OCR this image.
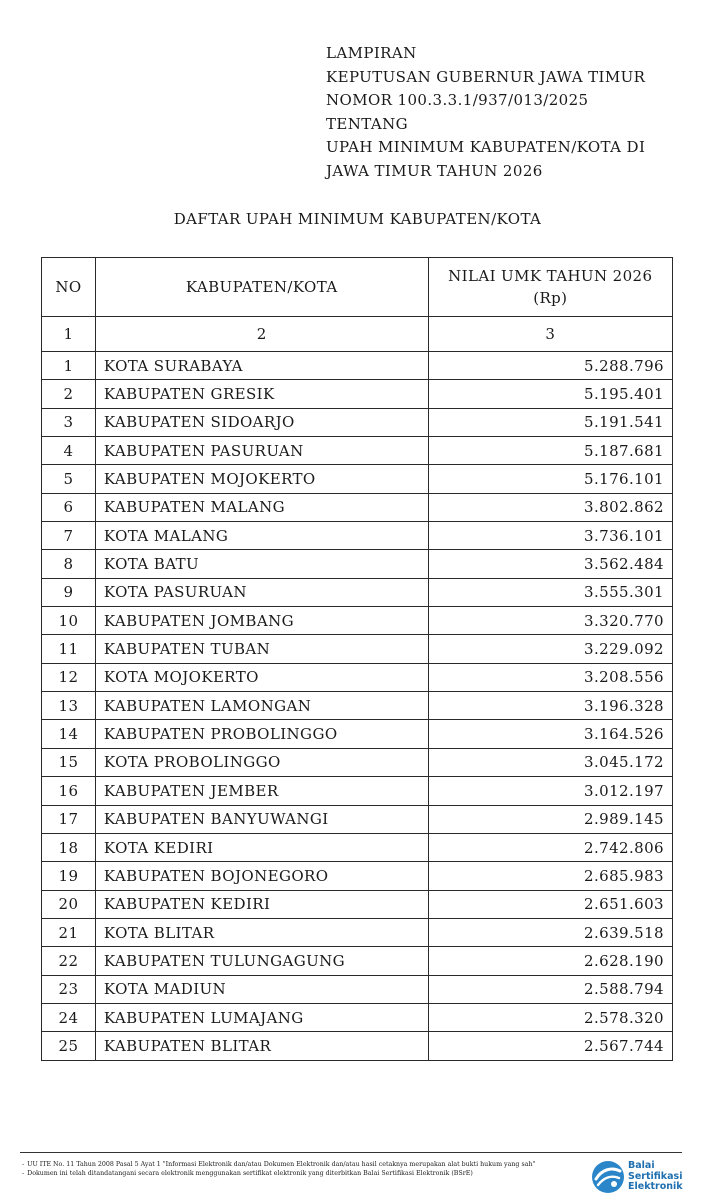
LAMPIRAN
KEPUTUSAN GUBERNUR JAWA TIMUR
NOMOR 100.3.3.1/937/013/2025
TENTANG
UPAH MINIMUM KABUPATEN/KOTA DI
JAWA TIMUR TAHUN 2026
DAFTAR UPAH MINIMUM KABUPATEN/KOTA
NO	KABUPATEN/KOTA	NILAI UMK TAHUN 2026
(Rp)
1	2	3
1	KOTA SURABAYA	5.288.796
2	KABUPATEN GRESIK	5.195.401
3	KABUPATEN SIDOARJO	5.191.541
4	KABUPATEN PASURUAN	5.187.681
5	KABUPATEN MOJOKERTO	5.176.101
6	KABUPATEN MALANG	3.802.862
7	KOTA MALANG	3.736.101
8	KOTA BATU	3.562.484
9	KOTA PASURUAN	3.555.301
10	KABUPATEN JOMBANG	3.320.770
11	KABUPATEN TUBAN	3.229.092
12	KOTA MOJOKERTO	3.208.556
13	KABUPATEN LAMONGAN	3.196.328
14	KABUPATEN PROBOLINGGO	3.164.526
15	KOTA PROBOLINGGO	3.045.172
16	KABUPATEN JEMBER	3.012.197
17	KABUPATEN BANYUWANGI	2.989.145
18	KOTA KEDIRI	2.742.806
19	KABUPATEN BOJONEGORO	2.685.983
20	KABUPATEN KEDIRI	2.651.603
21	KOTA BLITAR	2.639.518
22	KABUPATEN TULUNGAGUNG	2.628.190
23	KOTA MADIUN	2.588.794
24	KABUPATEN LUMAJANG	2.578.320
25	KABUPATEN BLITAR	2.567.744
- UU ITE No. 11 Tahun 2008 Pasal 5 Ayat 1 "Informasi Elektronik dan/atau Dokumen Elektronik dan/atau hasil cetaknya merupakan alat bukti hukum yang sah"
- Dokumen ini telah ditandatangani secara elektronik menggunakan sertifikat elektronik yang diterbitkan Balai Sertifikasi Elektronik (BSrE)
Balai
Sertifikasi
Elektronik
